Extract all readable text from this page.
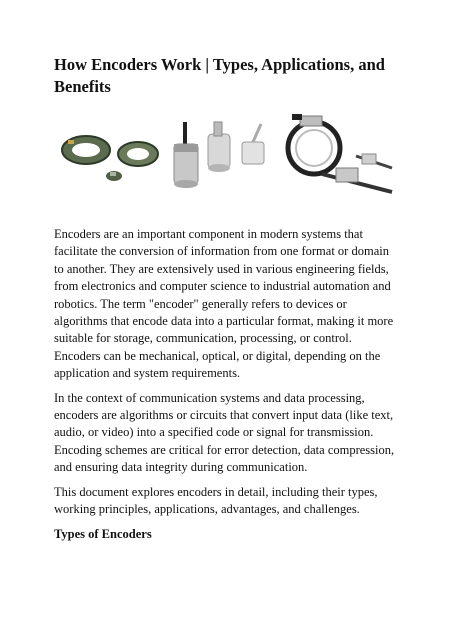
How Encoders Work | Types, Applications, and Benefits

Encoders are an important component in modern systems that facilitate the conversion of information from one format or domain to another. They are extensively used in various engineering fields, from electronics and computer science to industrial automation and robotics. The term "encoder" generally refers to devices or algorithms that encode data into a particular format, making it more suitable for storage, communication, processing, or control. Encoders can be mechanical, optical, or digital, depending on the application and system requirements.

In the context of communication systems and data processing, encoders are algorithms or circuits that convert input data (like text, audio, or video) into a specified code or signal for transmission. Encoding schemes are critical for error detection, data compression, and ensuring data integrity during communication.

This document explores encoders in detail, including their types, working principles, applications, advantages, and challenges.

Types of Encoders
